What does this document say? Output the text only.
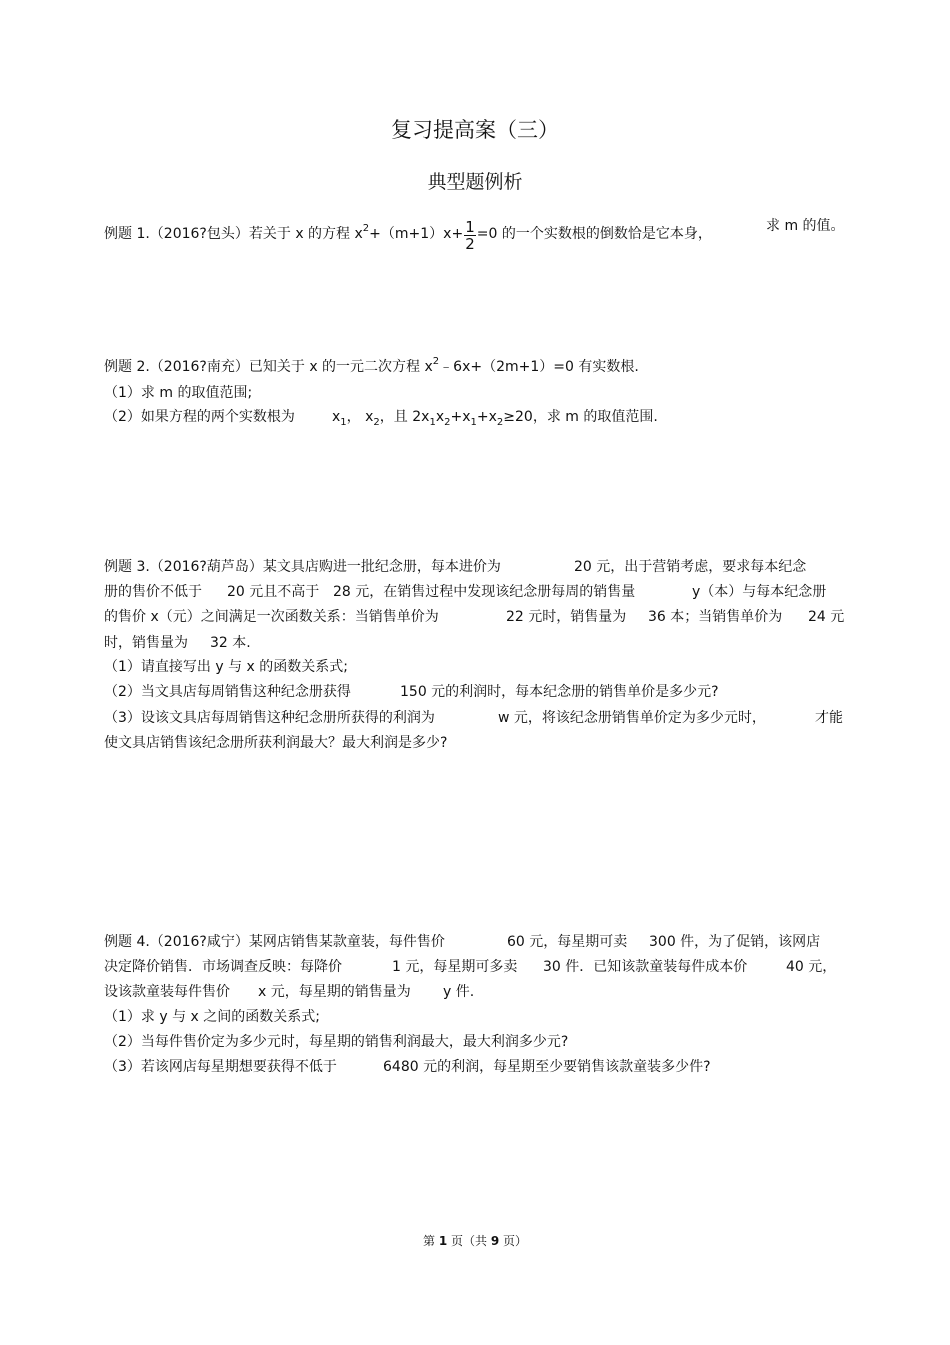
复习提高案（三）
典型题例析
例题 1.（2016?包头）若关于 x 的方程 $x^2+(m+1)x+ \frac{1}{2} =0$ 的一个实数根的倒数恰是它本身，	求 m 的值。
例题 2.（2016?南充）已知关于 x 的一元二次方程 $x^2﹣6x+(2m+1)=0$ 有实数根.
（1）求 m 的取值范围;
（2）如果方程的两个实数根为	$x_1$， $x_2$，且 $2x_1x_2+x_1+x_2\ge 20$，求 m 的取值范围.
例题 3.（2016?葫芦岛）某文具店购进一批纪念册，每本进价为	20 元，出于营销考虑，要求每本纪念
册的售价不低于 20 元且不高于 28 元，在销售过程中发现该纪念册每周的销售量	y（本）与每本纪念册
的售价 x（元）之间满足一次函数关系：当销售单价为	22 元时，销售量为 36 本；当销售单价为 24 元
时，销售量为 32 本.
（1）请直接写出 y 与 x 的函数关系式;
（2）当文具店每周销售这种纪念册获得	150 元的利润时，每本纪念册的销售单价是多少元?
（3）设该文具店每周销售这种纪念册所获得的利润为	w 元，将该纪念册销售单价定为多少元时，	才能
使文具店销售该纪念册所获利润最大？最大利润是多少?
例题 4.（2016?咸宁）某网店销售某款童装，每件售价	60 元，每星期可卖 300 件，为了促销，该网店
决定降价销售．市场调查反映：每降价	1 元，每星期可多卖 30 件．已知该款童装每件成本价	40 元，
设该款童装每件售价 x 元，每星期的销售量为 y 件.
（1）求 y 与 x 之间的函数关系式;
（2）当每件售价定为多少元时，每星期的销售利润最大，最大利润多少元?
（3）若该网店每星期想要获得不低于	6480 元的利润，每星期至少要销售该款童装多少件?
第 1 页（共 9 页）
